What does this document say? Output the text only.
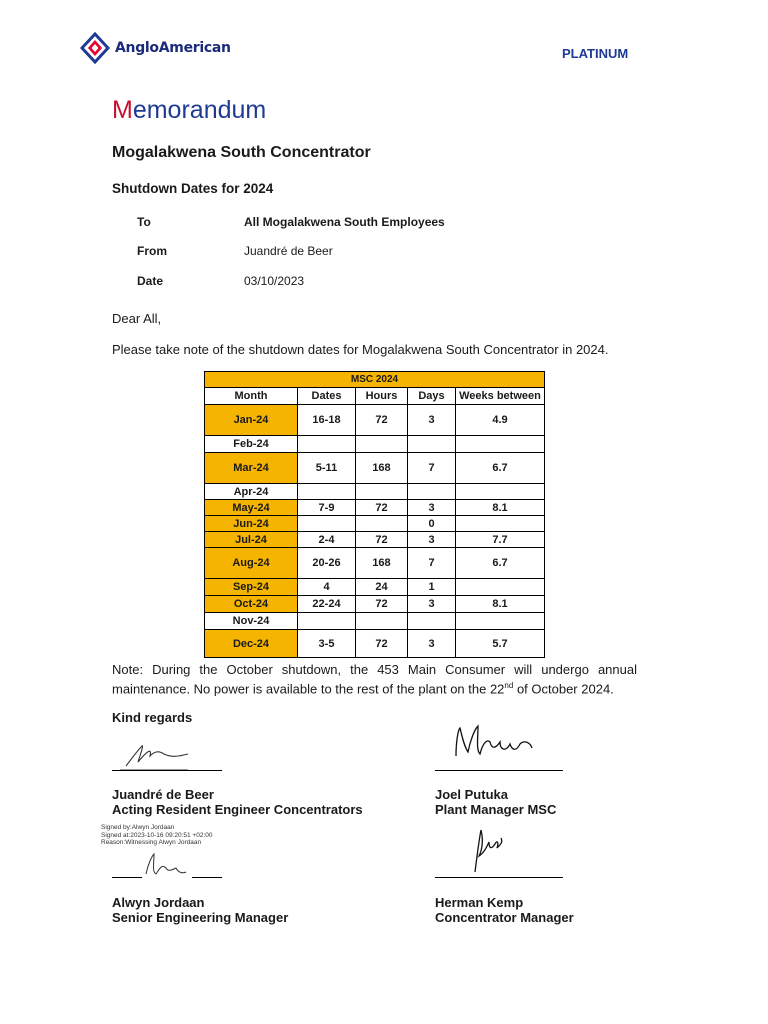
AngloAmerican	PLATINUM
Memorandum
Mogalakwena South Concentrator
Shutdown Dates for 2024
To	All Mogalakwena South Employees
From	Juandré de Beer
Date	03/10/2023
Dear All,
Please take note of the shutdown dates for Mogalakwena South Concentrator in 2024.
MSC 2024				
Month	Dates	Hours	Days	Weeks between
Jan-24	16-18	72	3	4.9
Feb-24				
Mar-24	5-11	168	7	6.7
Apr-24				
May-24	7-9	72	3	8.1
Jun-24			0	
Jul-24	2-4	72	3	7.7
Aug-24	20-26	168	7	6.7
Sep-24	4	24	1	
Oct-24	22-24	72	3	8.1
Nov-24				
Dec-24	3-5	72	3	5.7
Note: During the October shutdown, the 453 Main Consumer will undergo annual maintenance. No power is available to the rest of the plant on the 22nd of October 2024.
Kind regards
Juandré de Beer
Acting Resident Engineer Concentrators
Joel Putuka
Plant Manager MSC
Signed by:Alwyn Jordaan
Signed at:2023-10-16 09:20:51 +02:00
Reason:Witnessing Alwyn Jordaan
Alwyn Jordaan
Senior Engineering Manager
Herman Kemp
Concentrator Manager
